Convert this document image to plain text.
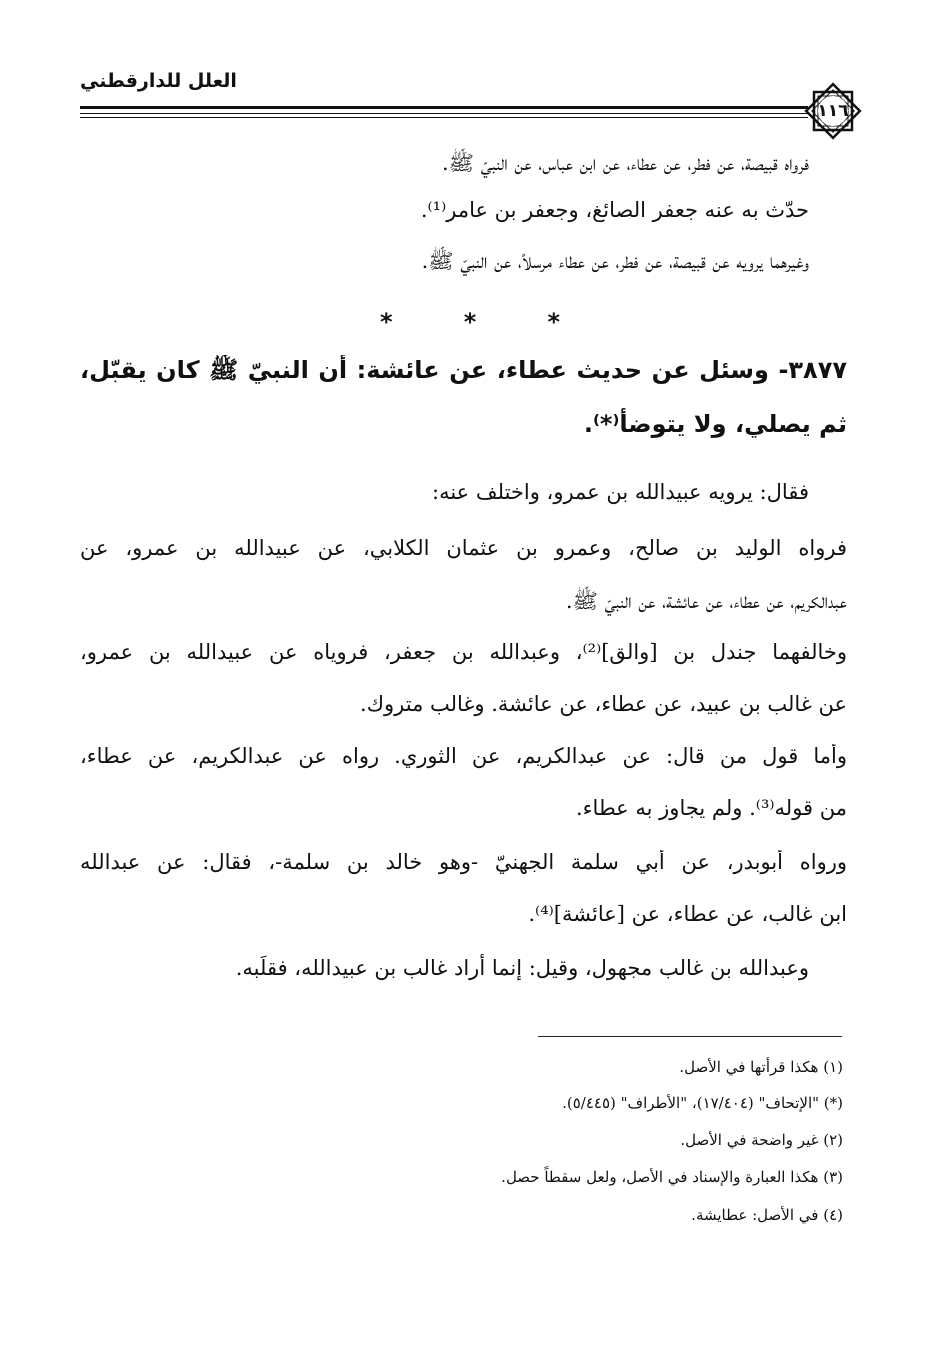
العلل للدارقطني
١١٦
فرواه قبيصة، عن فطر، عن عطاء، عن ابن عباس، عن النبيّ ﷺ.
حدّث به عنه جعفر الصائغ، وجعفر بن عامر⁽¹⁾.
وغيرهما يرويه عن قبيصة، عن فطر، عن عطاء مرسلاً، عن النبيّ ﷺ.
*
*
*
٣٨٧٧- وسئل عن حديث عطاء، عن عائشة: أن النبيّ ﷺ كان يقبّل،
ثم يصلي، ولا يتوضأ⁽*⁾.
فقال: يرويه عبيدالله بن عمرو، واختلف عنه:
فرواه الوليد بن صالح، وعمرو بن عثمان الكلابي، عن عبيدالله بن عمرو، عن
عبدالكريم، عن عطاء، عن عائشة، عن النبيّ ﷺ.
وخالفهما جندل بن [والق]⁽²⁾، وعبدالله بن جعفر، فروياه عن عبيدالله بن عمرو،
عن غالب بن عبيد، عن عطاء، عن عائشة. وغالب متروك.
وأما قول من قال: عن عبدالكريم، عن الثوري. رواه عن عبدالكريم، عن عطاء،
من قوله⁽³⁾. ولم يجاوز به عطاء.
ورواه أبوبدر، عن أبي سلمة الجهنيّ -وهو خالد بن سلمة-، فقال: عن عبدالله
ابن غالب، عن عطاء، عن [عائشة]⁽⁴⁾.
وعبدالله بن غالب مجهول، وقيل: إنما أراد غالب بن عبيدالله، فقلَبه.
(١) هكذا قرأتها في الأصل.
(*) "الإتحاف" (١٧/٤٠٤)، "الأطراف" (٥/٤٤٥).
(٢) غير واضحة في الأصل.
(٣) هكذا العبارة والإسناد في الأصل، ولعل سقطاً حصل.
(٤) في الأصل: عطايشة.
